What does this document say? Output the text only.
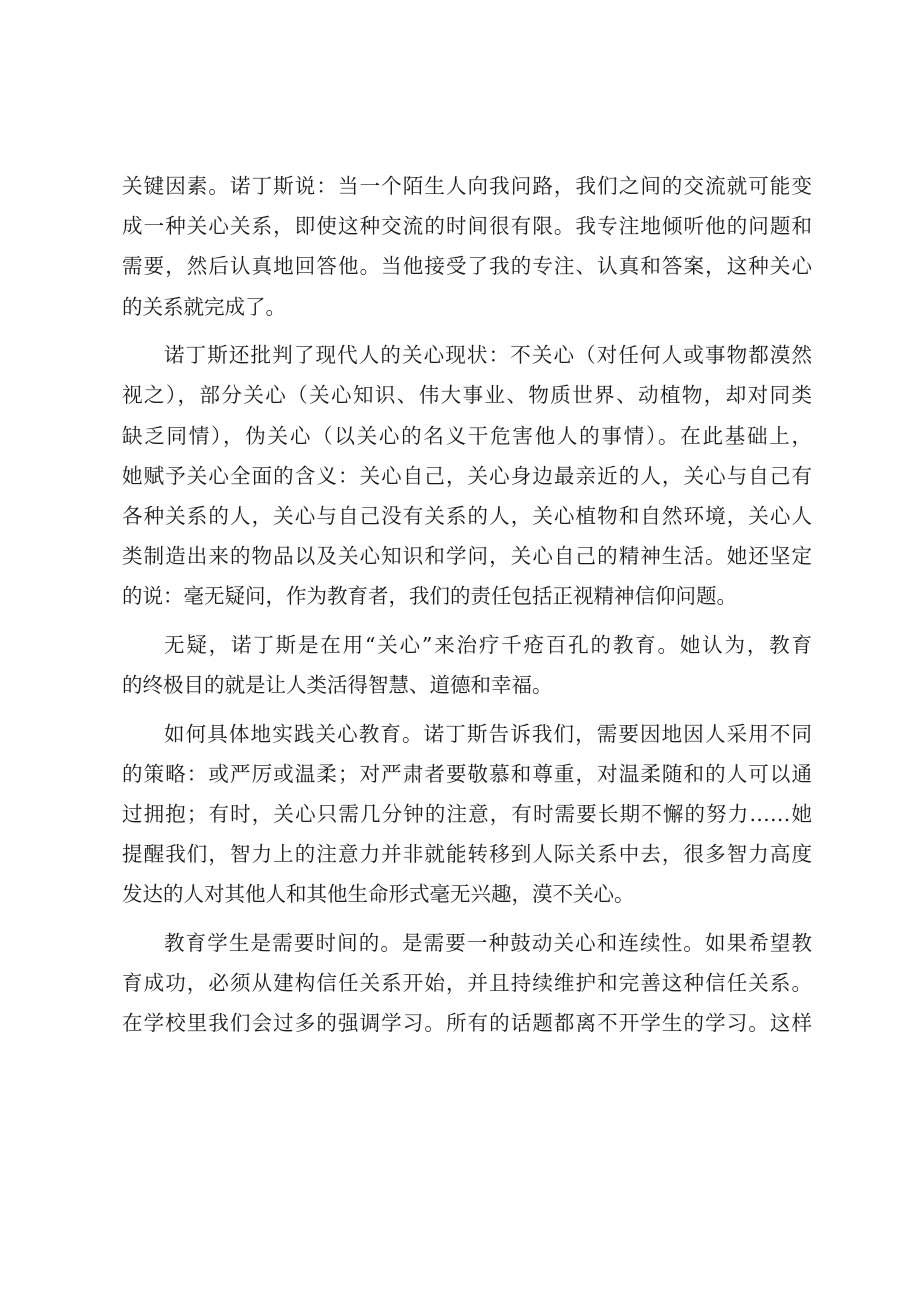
关键因素。诺丁斯说：当一个陌生人向我问路，我们之间的交流就可能变
成一种关心关系，即使这种交流的时间很有限。我专注地倾听他的问题和
需要，然后认真地回答他。当他接受了我的专注、认真和答案，这种关心
的关系就完成了。
诺丁斯还批判了现代人的关心现状：不关心（对任何人或事物都漠然
视之），部分关心（关心知识、伟大事业、物质世界、动植物，却对同类
缺乏同情），伪关心（以关心的名义干危害他人的事情）。在此基础上，
她赋予关心全面的含义：关心自己，关心身边最亲近的人，关心与自己有
各种关系的人，关心与自己没有关系的人，关心植物和自然环境，关心人
类制造出来的物品以及关心知识和学问，关心自己的精神生活。她还坚定
的说：毫无疑问，作为教育者，我们的责任包括正视精神信仰问题。
无疑，诺丁斯是在用“关心”来治疗千疮百孔的教育。她认为，教育
的终极目的就是让人类活得智慧、道德和幸福。
如何具体地实践关心教育。诺丁斯告诉我们，需要因地因人采用不同
的策略：或严厉或温柔；对严肃者要敬慕和尊重，对温柔随和的人可以通
过拥抱；有时，关心只需几分钟的注意，有时需要长期不懈的努力……她
提醒我们，智力上的注意力并非就能转移到人际关系中去，很多智力高度
发达的人对其他人和其他生命形式毫无兴趣，漠不关心。
教育学生是需要时间的。是需要一种鼓动关心和连续性。如果希望教
育成功，必须从建构信任关系开始，并且持续维护和完善这种信任关系。
在学校里我们会过多的强调学习。所有的话题都离不开学生的学习。这样
